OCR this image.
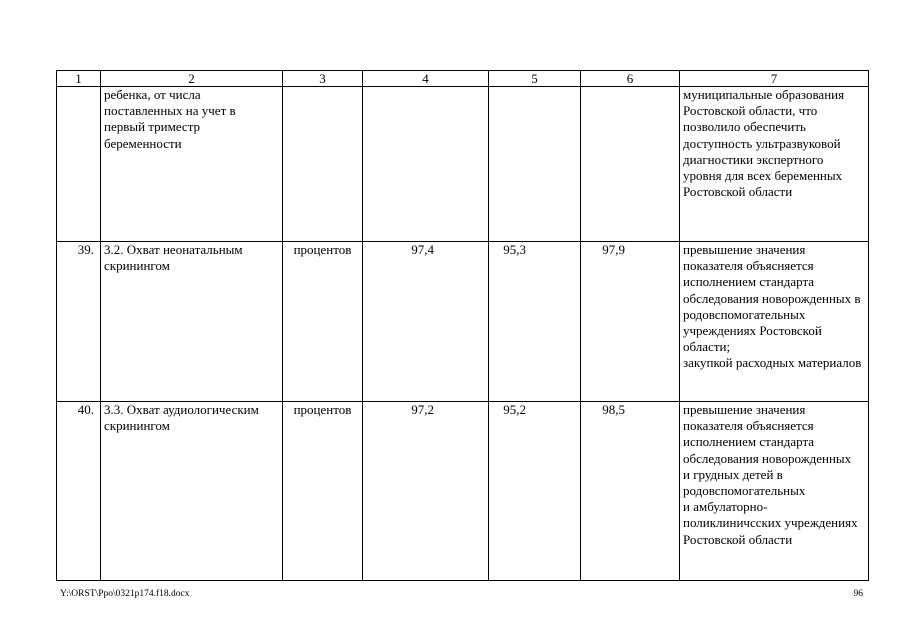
1	2	3	4	5	6	7
	ребенка, от числа поставленных на учет в первый триместр беременности					муниципальные образования Ростовской области, что позволило обеспечить доступность ультразвуковой диагностики экспертного уровня для всех беременных Ростовской области
39.	3.2. Охват неонатальным скринингом	процентов	97,4	95,3	97,9	превышение значения показателя объясняется исполнением стандарта обследования новорожденных в родовспомогательных учреждениях Ростовской области;
закупкой расходных материалов
40.	3.3. Охват аудиологическим скринингом	процентов	97,2	95,2	98,5	превышение значения показателя объясняется исполнением стандарта обследования новорожденных
и грудных детей в родовспомогательных
и амбулаторно-поликлиничсских учреждениях Ростовской области
Y:\ORST\Ppo\0321p174.f18.docx	96
